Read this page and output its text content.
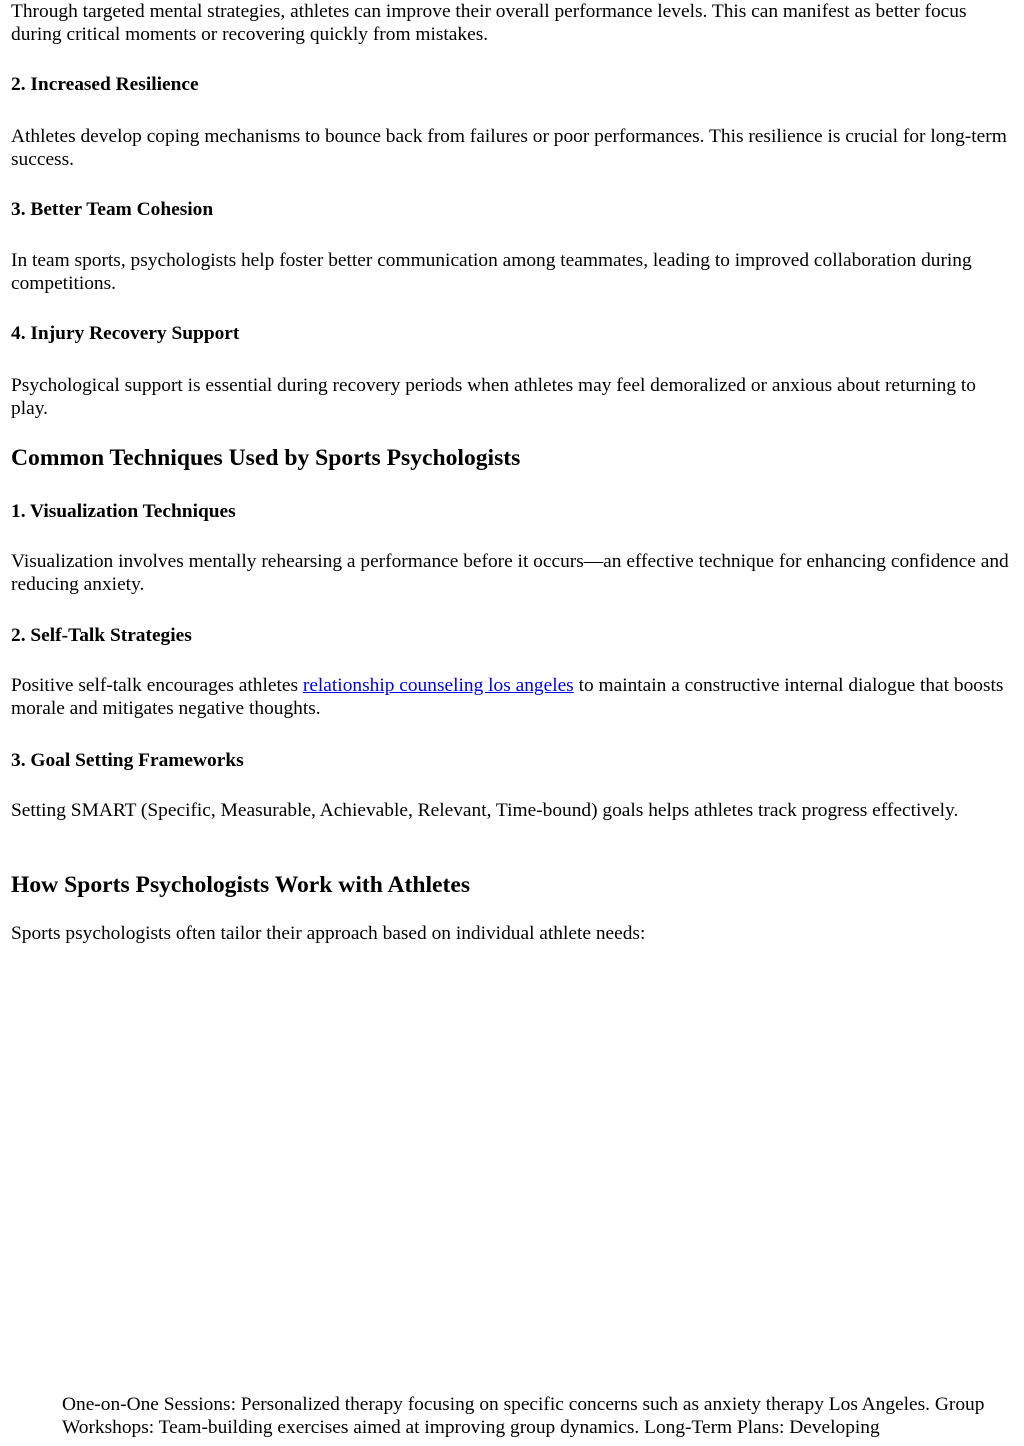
Through targeted mental strategies, athletes can improve their overall performance levels. This can manifest as better focus during critical moments or recovering quickly from mistakes.

2. Increased Resilience

Athletes develop coping mechanisms to bounce back from failures or poor performances. This resilience is crucial for long-term success.

3. Better Team Cohesion

In team sports, psychologists help foster better communication among teammates, leading to improved collaboration during competitions.

4. Injury Recovery Support

Psychological support is essential during recovery periods when athletes may feel demoralized or anxious about returning to play.

Common Techniques Used by Sports Psychologists
1. Visualization Techniques

Visualization involves mentally rehearsing a performance before it occurs—an effective technique for enhancing confidence and reducing anxiety.

2. Self-Talk Strategies

Positive self-talk encourages athletes relationship counseling los angeles to maintain a constructive internal dialogue that boosts morale and mitigates negative thoughts.

3. Goal Setting Frameworks

Setting SMART (Specific, Measurable, Achievable, Relevant, Time-bound) goals helps athletes track progress effectively.

How Sports Psychologists Work with Athletes

Sports psychologists often tailor their approach based on individual athlete needs:

One-on-One Sessions: Personalized therapy focusing on specific concerns such as anxiety therapy Los Angeles. Group Workshops: Team-building exercises aimed at improving group dynamics. Long-Term Plans: Developing
